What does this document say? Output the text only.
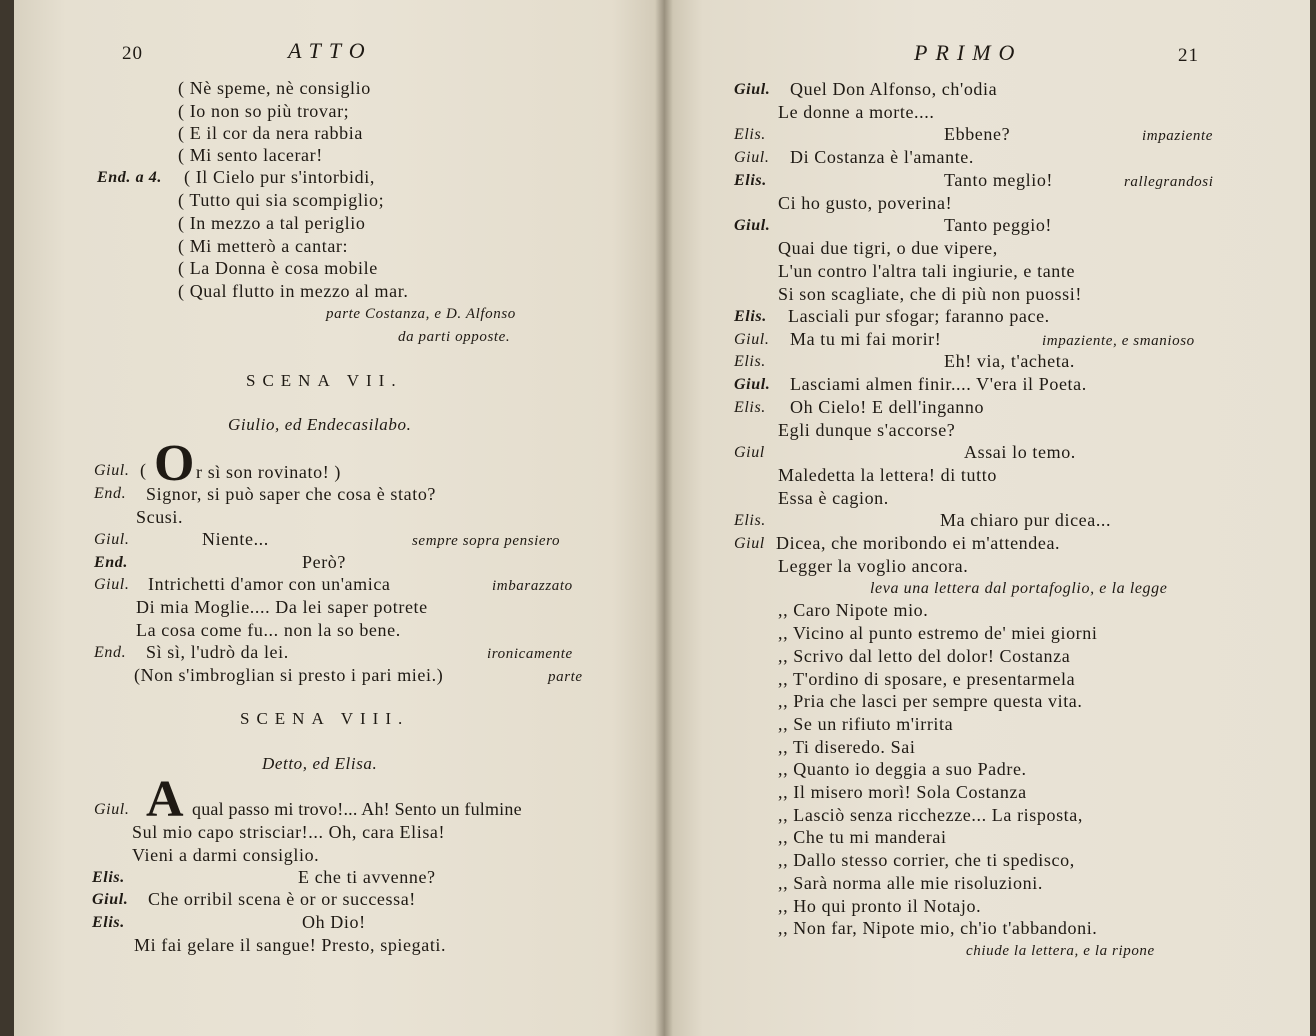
20	ATTO
( Nè speme, nè consiglio
( Io non so più trovar;
( E il cor da nera rabbia
( Mi sento lacerar!
End. a 4. ( Il Cielo pur s'intorbidi,
( Tutto qui sia scompiglio;
( In mezzo a tal periglio
( Mi metterò a cantar:
( La Donna è cosa mobile
( Qual flutto in mezzo al mar.
parte Costanza, e D. Alfonso
da parti opposte.
SCENA VII.
Giulio, ed Endecasilabo.
Giul. ( O r sì son rovinato! )
End. Signor, si può saper che cosa è stato?
Scusi.
Giul.	Niente...	sempre sopra pensiero
End.	Però?
Giul. Intrichetti d'amor con un'amica	imbarazzato
Di mia Moglie.... Da lei saper potrete
La cosa come fu... non la so bene.
End. Sì sì, l'udrò da lei.	ironicamente
(Non s'imbroglian si presto i pari miei.)	parte
SCENA VIII.
Detto, ed Elisa.
Giul. A qual passo mi trovo!... Ah! Sento un fulmine
Sul mio capo strisciar!... Oh, cara Elisa!
Vieni a darmi consiglio.
Elis.	E che ti avvenne?
Giul. Che orribil scena è or or successa!
Elis.	Oh Dio!
Mi fai gelare il sangue! Presto, spiegati.
PRIMO	21
Giul. Quel Don Alfonso, ch'odia
Le donne a morte....
Elis.	Ebbene?	impaziente
Giul. Di Costanza è l'amante.
Elis.	Tanto meglio!	rallegrandosi
Ci ho gusto, poverina!
Giul.	Tanto peggio!
Quai due tigri, o due vipere,
L'un contro l'altra tali ingiurie, e tante
Si son scagliate, che di più non puossi!
Elis. Lasciali pur sfogar; faranno pace.
Giul. Ma tu mi fai morir!	impaziente, e smanioso
Elis.	Eh! via, t'acheta.
Giul. Lasciami almen finir.... V'era il Poeta.
Elis. Oh Cielo! E dell'inganno
Egli dunque s'accorse?
Giul	Assai lo temo.
Maledetta la lettera! di tutto
Essa è cagion.
Elis.	Ma chiaro pur dicea...
Giul Dicea, che moribondo ei m'attendea.
Legger la voglio ancora.
leva una lettera dal portafoglio, e la legge
,, Caro Nipote mio.
,, Vicino al punto estremo de' miei giorni
,, Scrivo dal letto del dolor! Costanza
,, T'ordino di sposare, e presentarmela
,, Pria che lasci per sempre questa vita.
,, Se un rifiuto m'irrita
,, Ti diseredo. Sai
,, Quanto io deggia a suo Padre.
,, Il misero morì! Sola Costanza
,, Lasciò senza ricchezze... La risposta,
,, Che tu mi manderai
,, Dallo stesso corrier, che ti spedisco,
,, Sarà norma alle mie risoluzioni.
,, Ho qui pronto il Notajo.
,, Non far, Nipote mio, ch'io t'abbandoni.
chiude la lettera, e la ripone
